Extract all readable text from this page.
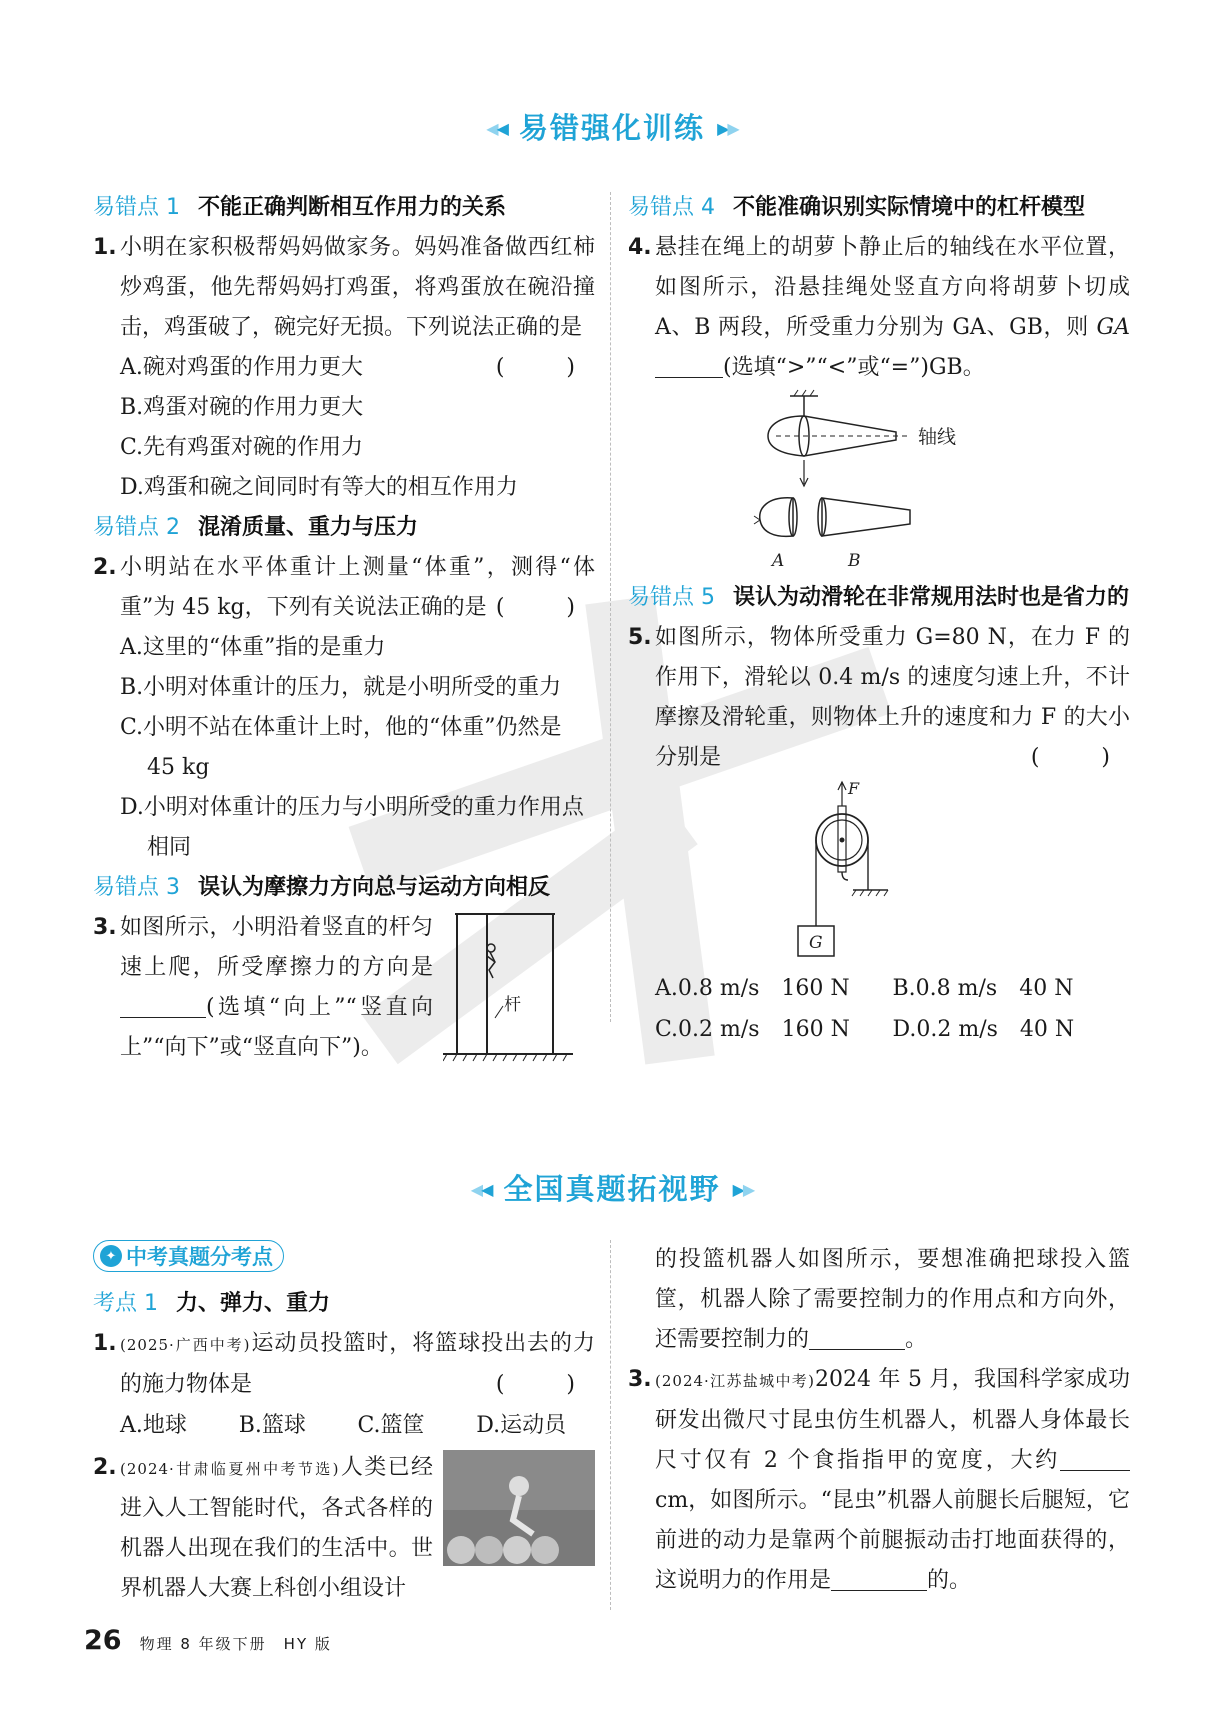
◀◀ 易错强化训练 ▶▶
易错点 1 不能正确判断相互作用力的关系
1. 小明在家积极帮妈妈做家务。妈妈准备做西红柿炒鸡蛋，他先帮妈妈打鸡蛋，将鸡蛋放在碗沿撞击，鸡蛋破了，碗完好无损。下列说法正确的是
(　)
A.碗对鸡蛋的作用力更大
B.鸡蛋对碗的作用力更大
C.先有鸡蛋对碗的作用力
D.鸡蛋和碗之间同时有等大的相互作用力
易错点 2 混淆质量、重力与压力
2. 小明站在水平体重计上测量“体重”，测得“体重”为 45 kg，下列有关说法正确的是 (　)
A.这里的“体重”指的是重力
B.小明对体重计的压力，就是小明所受的重力
C.小明不站在体重计上时，他的“体重”仍然是 45 kg
D.小明对体重计的压力与小明所受的重力作用点相同
易错点 3 误认为摩擦力方向总与运动方向相反
3. 如图所示，小明沿着竖直的杆匀速上爬，所受摩擦力的方向是(选填“向上”“竖直向上”“向下”或“竖直向下”)。
杆
易错点 4 不能准确识别实际情境中的杠杆模型
4. 悬挂在绳上的胡萝卜静止后的轴线在水平位置，如图所示，沿悬挂绳处竖直方向将胡萝卜切成 A、B 两段，所受重力分别为 GA、GB，则 GA(选填“>”“<”或“=”)GB。
轴线
A	B
易错点 5 误认为动滑轮在非常规用法时也是省力的
5. 如图所示，物体所受重力 G=80 N，在力 F 的作用下，滑轮以 0.4 m/s 的速度匀速上升，不计摩擦及滑轮重，则物体上升的速度和力 F 的大小分别是	(　)
F
G
A.0.8 m/s　160 N	B.0.8 m/s　40 N
C.0.2 m/s　160 N	D.0.2 m/s　40 N
◀◀ 全国真题拓视野 ▶▶
✦ 中考真题分考点
考点 1 力、弹力、重力
1. (2025·广西中考)运动员投篮时，将篮球投出去的力的施力物体是	(　)
A.地球	B.篮球	C.篮筐	D.运动员
2. (2024·甘肃临夏州中考节选)人类已经进入人工智能时代，各式各样的机器人出现在我们的生活中。世界机器人大赛上科创小组设计
的投篮机器人如图所示，要想准确把球投入篮筐，机器人除了需要控制力的作用点和方向外，还需要控制力的	。
3. (2024·江苏盐城中考)2024 年 5 月，我国科学家成功研发出微尺寸昆虫仿生机器人，机器人身体最长尺寸仅有 2 个食指指甲的宽度，大约cm，如图所示。“昆虫”机器人前腿长后腿短，它前进的动力是靠两个前腿振动击打地面获得的，这说明力的作用是	的。
26 物理 8 年级下册　HY 版
